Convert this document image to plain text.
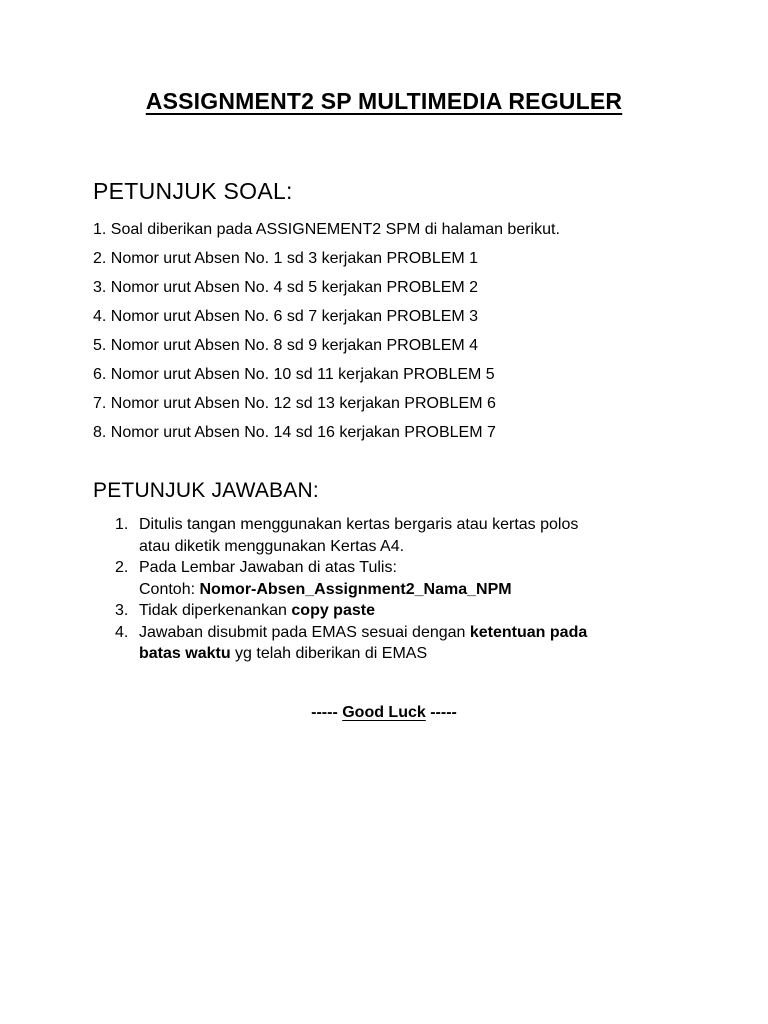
ASSIGNMENT2 SP MULTIMEDIA REGULER
PETUNJUK SOAL:
1. Soal diberikan pada ASSIGNEMENT2 SPM di halaman berikut.
2. Nomor urut Absen No. 1 sd 3 kerjakan PROBLEM 1
3. Nomor urut Absen No. 4 sd 5 kerjakan PROBLEM 2
4. Nomor urut Absen No. 6 sd 7 kerjakan PROBLEM 3
5. Nomor urut Absen No. 8 sd 9 kerjakan PROBLEM 4
6. Nomor urut Absen No. 10 sd 11 kerjakan PROBLEM 5
7. Nomor urut Absen No. 12 sd 13 kerjakan PROBLEM 6
8. Nomor urut Absen No. 14 sd 16 kerjakan PROBLEM 7
PETUNJUK JAWABAN:
1. Ditulis tangan menggunakan kertas bergaris atau kertas polos
atau diketik menggunakan Kertas A4.
2. Pada Lembar Jawaban di atas Tulis:
Contoh: Nomor-Absen_Assignment2_Nama_NPM
3. Tidak diperkenankan copy paste
4. Jawaban disubmit pada EMAS sesuai dengan ketentuan pada
batas waktu yg telah diberikan di EMAS
----- Good Luck -----
